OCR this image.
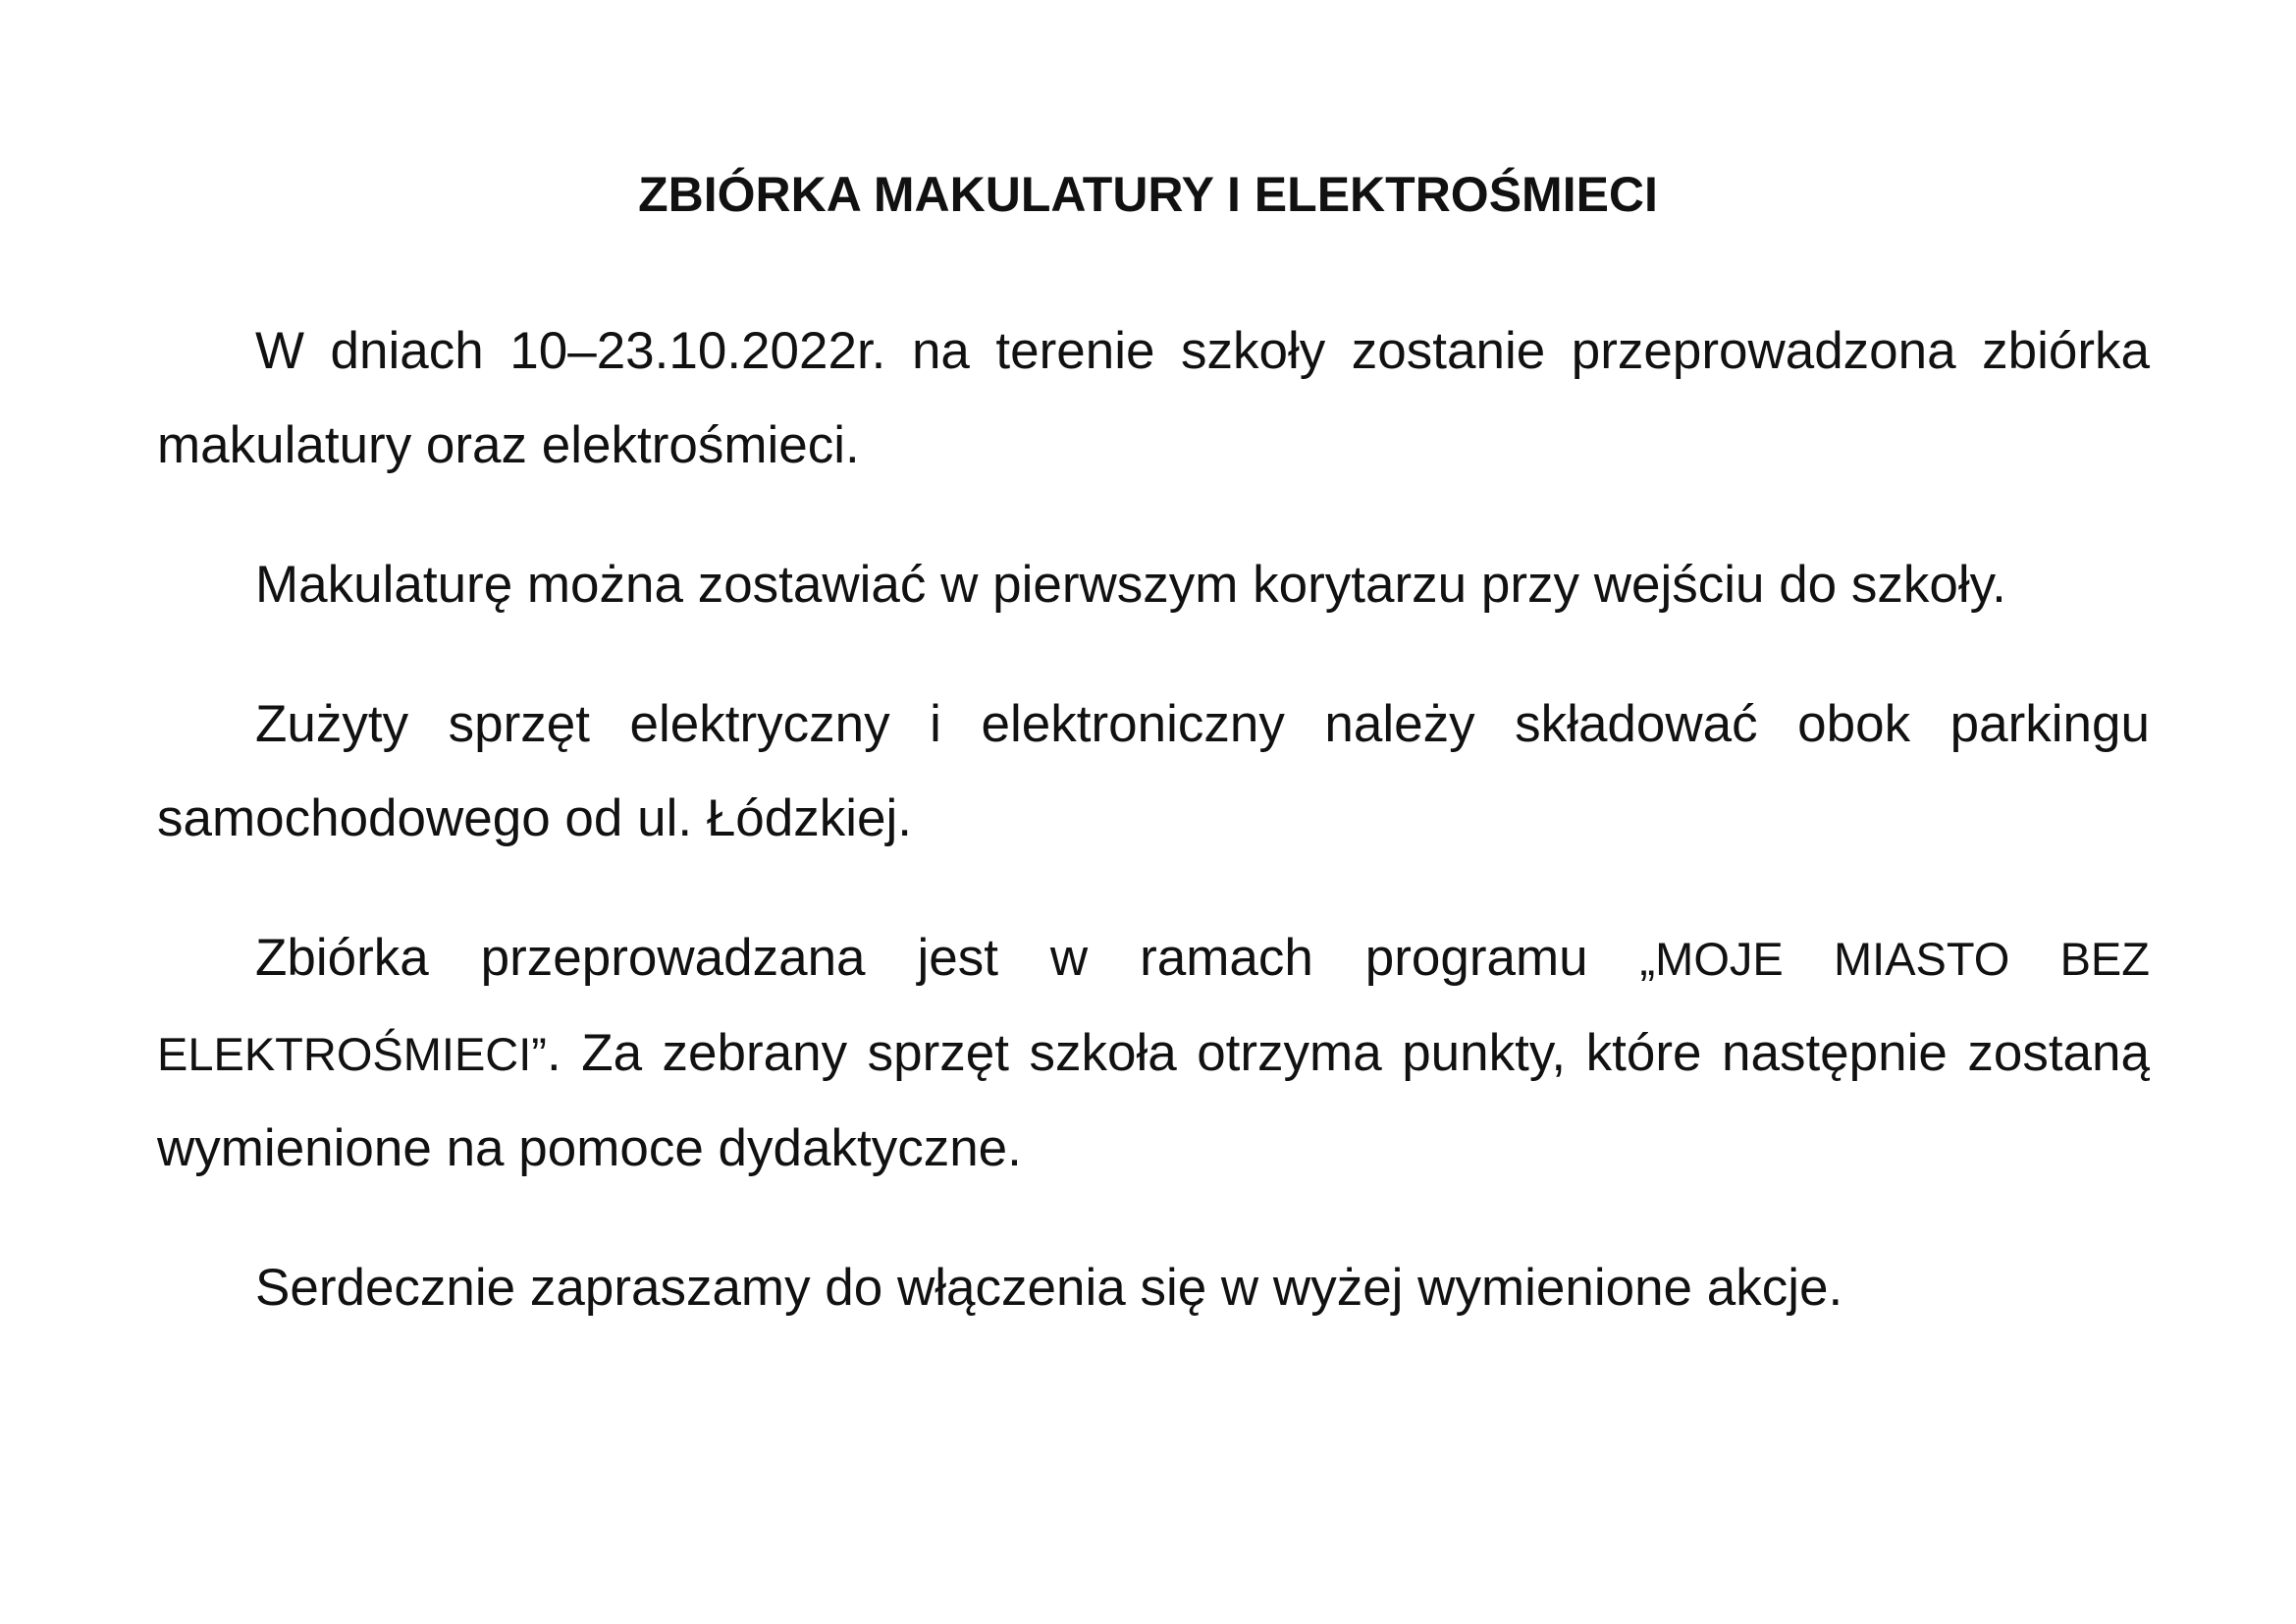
ZBIÓRKA MAKULATURY I ELEKTROŚMIECI

W dniach 10–23.10.2022r. na terenie szkoły zostanie przeprowadzona zbiórka makulatury oraz elektrośmieci.

Makulaturę można zostawiać w pierwszym korytarzu przy wejściu do szkoły.

Zużyty sprzęt elektryczny i elektroniczny należy składować obok parkingu samochodowego od ul. Łódzkiej.

Zbiórka przeprowadzana jest w ramach programu „MOJE MIASTO BEZ ELEKTROŚMIECI”. Za zebrany sprzęt szkoła otrzyma punkty, które następnie zostaną wymienione na pomoce dydaktyczne.

Serdecznie zapraszamy do włączenia się w wyżej wymienione akcje.
